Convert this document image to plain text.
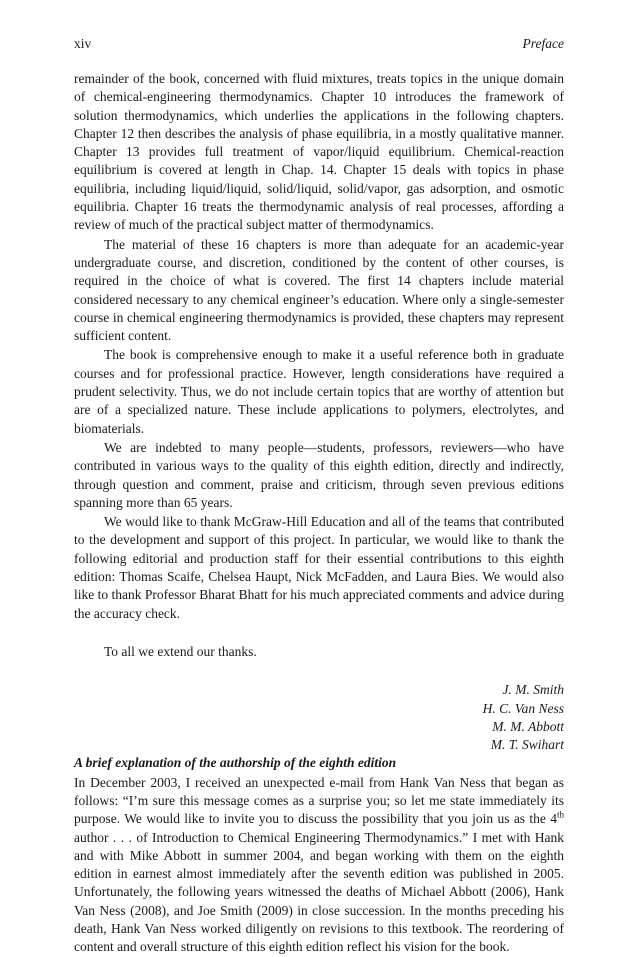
xiv	Preface

remainder of the book, concerned with fluid mixtures, treats topics in the unique domain of chemical-engineering thermodynamics. Chapter 10 introduces the framework of solution thermodynamics, which underlies the applications in the following chapters. Chapter 12 then describes the analysis of phase equilibria, in a mostly qualitative manner. Chapter 13 provides full treatment of vapor/liquid equilibrium. Chemical-reaction equilibrium is covered at length in Chap. 14. Chapter 15 deals with topics in phase equilibria, including liquid/liquid, solid/liquid, solid/vapor, gas adsorption, and osmotic equilibria. Chapter 16 treats the thermodynamic analysis of real processes, affording a review of much of the practical subject matter of thermodynamics.

The material of these 16 chapters is more than adequate for an academic-year undergraduate course, and discretion, conditioned by the content of other courses, is required in the choice of what is covered. The first 14 chapters include material considered necessary to any chemical engineer’s education. Where only a single-semester course in chemical engineering thermodynamics is provided, these chapters may represent sufficient content.

The book is comprehensive enough to make it a useful reference both in graduate courses and for professional practice. However, length considerations have required a prudent selectivity. Thus, we do not include certain topics that are worthy of attention but are of a specialized nature. These include applications to polymers, electrolytes, and biomaterials.

We are indebted to many people—students, professors, reviewers—who have contributed in various ways to the quality of this eighth edition, directly and indirectly, through question and comment, praise and criticism, through seven previous editions spanning more than 65 years.

We would like to thank McGraw-Hill Education and all of the teams that contributed to the development and support of this project. In particular, we would like to thank the following editorial and production staff for their essential contributions to this eighth edition: Thomas Scaife, Chelsea Haupt, Nick McFadden, and Laura Bies. We would also like to thank Professor Bharat Bhatt for his much appreciated comments and advice during the accuracy check.

To all we extend our thanks.

J. M. Smith
H. C. Van Ness
M. M. Abbott
M. T. Swihart

A brief explanation of the authorship of the eighth edition

In December 2003, I received an unexpected e-mail from Hank Van Ness that began as follows: “I’m sure this message comes as a surprise you; so let me state immediately its purpose. We would like to invite you to discuss the possibility that you join us as the 4th author . . . of Introduction to Chemical Engineering Thermodynamics.” I met with Hank and with Mike Abbott in summer 2004, and began working with them on the eighth edition in earnest almost immediately after the seventh edition was published in 2005. Unfortunately, the following years witnessed the deaths of Michael Abbott (2006), Hank Van Ness (2008), and Joe Smith (2009) in close succession. In the months preceding his death, Hank Van Ness worked diligently on revisions to this textbook. The reordering of content and overall structure of this eighth edition reflect his vision for the book.
